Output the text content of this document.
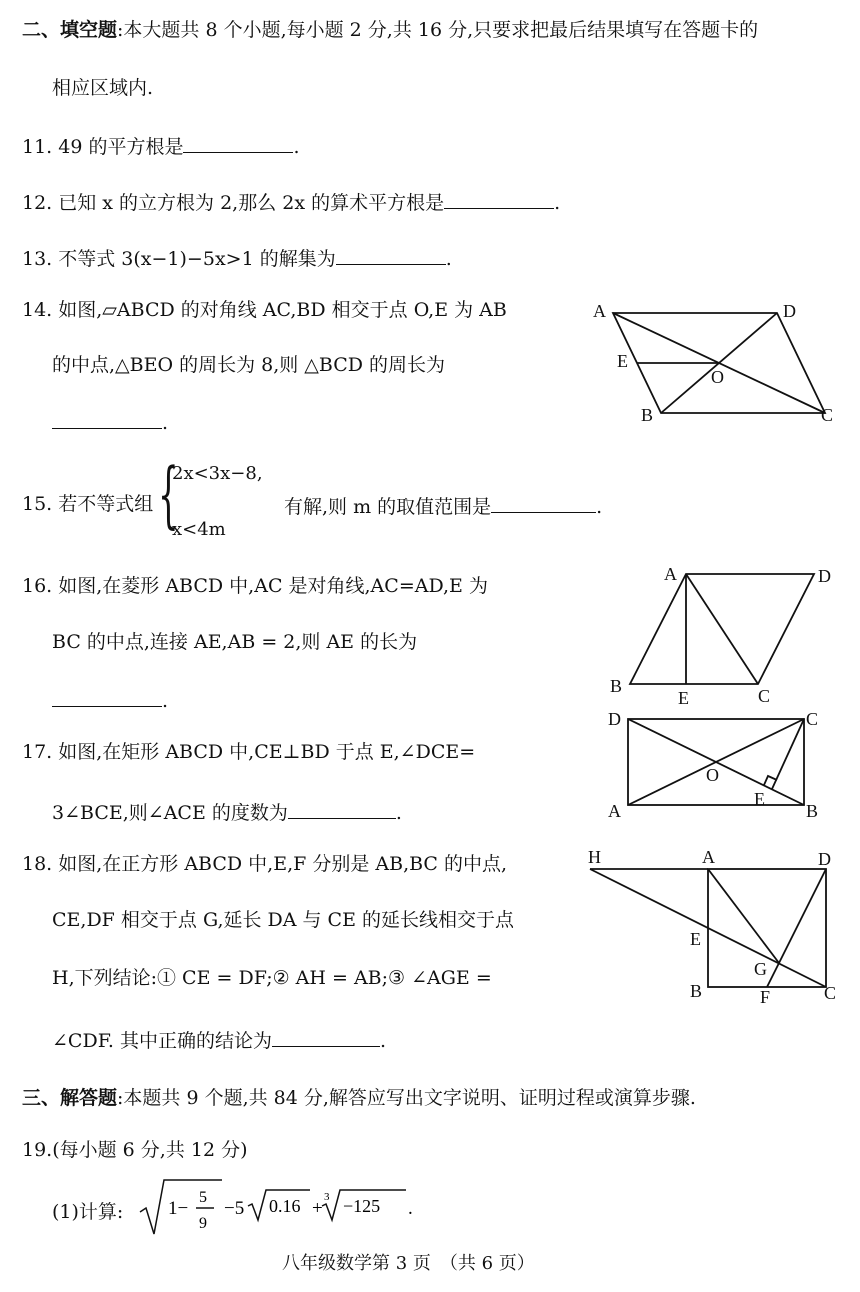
二、填空题:本大题共 8 个小题,每小题 2 分,共 16 分,只要求把最后结果填写在答题卡的
相应区域内.
11. 49 的平方根是	.
12. 已知 x 的立方根为 2,那么 2x 的算术平方根是	.
13. 不等式 3(x−1)−5x>1 的解集为	.
14. 如图,▱ABCD 的对角线 AC,BD 相交于点 O,E 为 AB
的中点,△BEO 的周长为 8,则 △BCD 的周长为
.
A	D
E
O
B	C
15. 若不等式组 {
2x<3x−8,
x<4m
有解,则 m 的取值范围是	.
16. 如图,在菱形 ABCD 中,AC 是对角线,AC=AD,E 为
BC 的中点,连接 AE,AB = 2,则 AE 的长为
.
A	D
B
E	C
17. 如图,在矩形 ABCD 中,CE⊥BD 于点 E,∠DCE=
3∠BCE,则∠ACE 的度数为	.
D	C
O
E
A	B
18. 如图,在正方形 ABCD 中,E,F 分别是 AB,BC 的中点,
CE,DF 相交于点 G,延长 DA 与 CE 的延长线相交于点
H,下列结论:① CE = DF;② AH = AB;③ ∠AGE =
∠CDF. 其中正确的结论为	.
H	A	D
E
G
B	F	C
三、解答题:本题共 9 个题,共 84 分,解答应写出文字说明、证明过程或演算步骤.
19.(每小题 6 分,共 12 分)
(1)计算: 1−
5
9
−5 0.16 +
3 −125 .
八年级数学第 3 页　（共 6 页）
